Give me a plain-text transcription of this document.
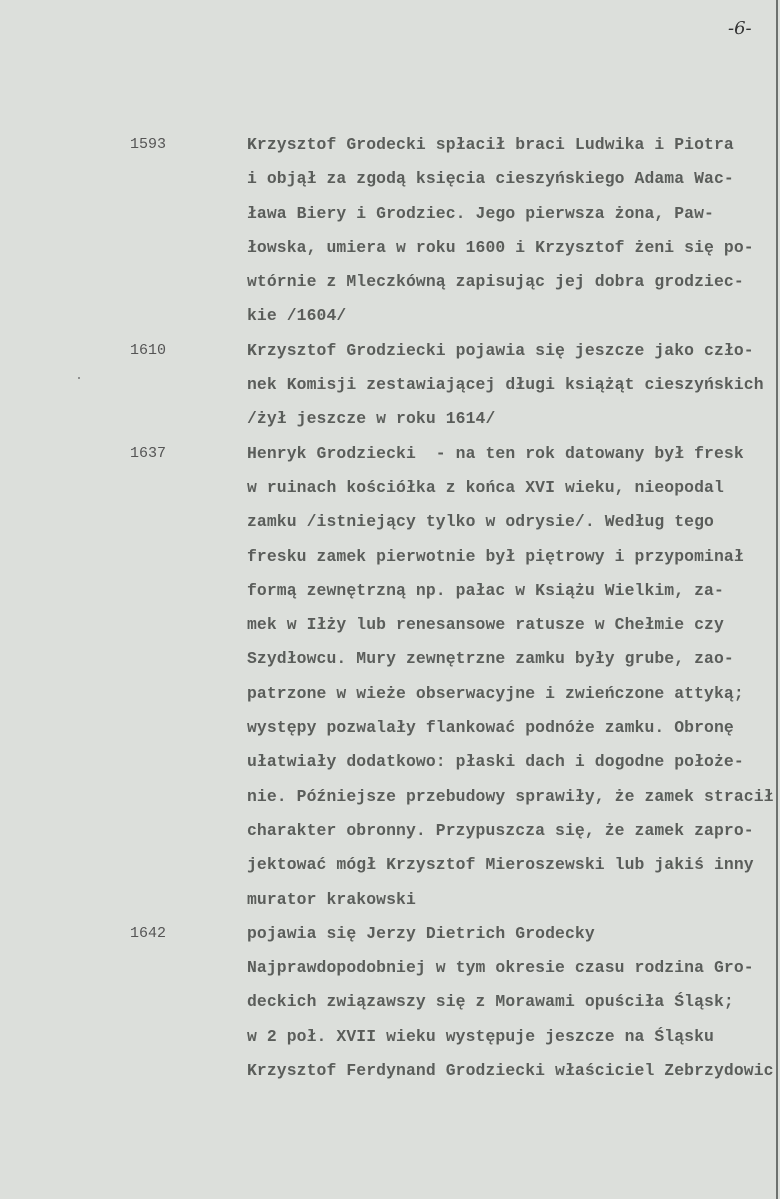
-6-
1593	Krzysztof Grodecki spłacił braci Ludwika i Piotra
i objął za zgodą księcia cieszyńskiego Adama Wac-
ława Biery i Grodziec. Jego pierwsza żona, Paw-
łowska, umiera w roku 1600 i Krzysztof żeni się po-
wtórnie z Mleczkówną zapisując jej dobra grodziec-
kie /1604/
1610	Krzysztof Grodziecki pojawia się jeszcze jako czło-
nek Komisji zestawiającej długi książąt cieszyńskich
/żył jeszcze w roku 1614/
1637	Henryk Grodziecki  - na ten rok datowany był fresk
w ruinach kościółka z końca XVI wieku, nieopodal
zamku /istniejący tylko w odrysie/. Według tego
fresku zamek pierwotnie był piętrowy i przypominał
formą zewnętrzną np. pałac w Książu Wielkim, za-
mek w Iłży lub renesansowe ratusze w Chełmie czy
Szydłowcu. Mury zewnętrzne zamku były grube, zao-
patrzone w wieże obserwacyjne i zwieńczone attyką;
występy pozwalały flankować podnóże zamku. Obronę
ułatwiały dodatkowo: płaski dach i dogodne położe-
nie. Późniejsze przebudowy sprawiły, że zamek stracił
charakter obronny. Przypuszcza się, że zamek zapro-
jektować mógł Krzysztof Mieroszewski lub jakiś inny
murator krakowski
1642	pojawia się Jerzy Dietrich Grodecky
Najprawdopodobniej w tym okresie czasu rodzina Gro-
deckich związawszy się z Morawami opuściła Śląsk;
w 2 poł. XVII wieku występuje jeszcze na Śląsku
Krzysztof Ferdynand Grodziecki właściciel Zebrzydowic
